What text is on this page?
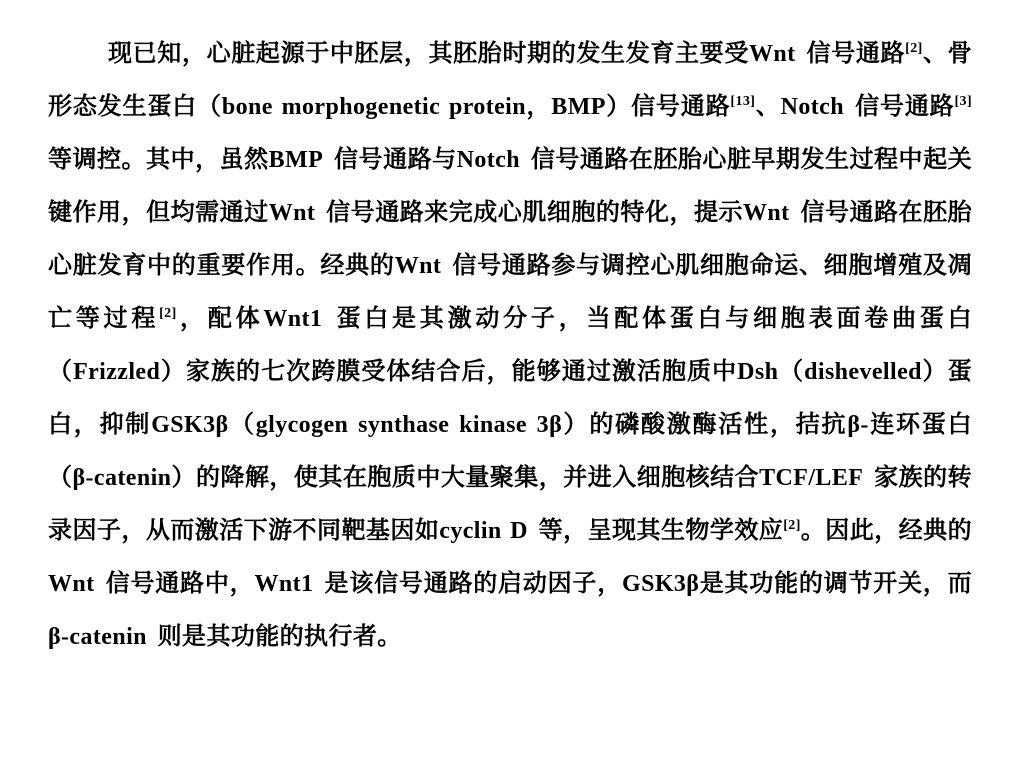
现已知，心脏起源于中胚层，其胚胎时期的发生发育主要受Wnt 信号通路[2]、骨形态发生蛋白（bone morphogenetic protein，BMP）信号通路[13]、Notch 信号通路[3]等调控。其中，虽然BMP 信号通路与Notch 信号通路在胚胎心脏早期发生过程中起关键作用，但均需通过Wnt 信号通路来完成心肌细胞的特化，提示Wnt 信号通路在胚胎心脏发育中的重要作用。经典的Wnt 信号通路参与调控心肌细胞命运、细胞增殖及凋亡等过程[2]，配体Wnt1 蛋白是其激动分子，当配体蛋白与细胞表面卷曲蛋白（Frizzled）家族的七次跨膜受体结合后，能够通过激活胞质中Dsh（dishevelled）蛋白，抑制GSK3β（glycogen synthase kinase 3β）的磷酸激酶活性，拮抗β-连环蛋白（β-catenin）的降解，使其在胞质中大量聚集，并进入细胞核结合TCF/LEF 家族的转录因子，从而激活下游不同靶基因如cyclin D 等，呈现其生物学效应[2]。因此，经典的Wnt 信号通路中，Wnt1 是该信号通路的启动因子，GSK3β是其功能的调节开关，而β-catenin 则是其功能的执行者。
